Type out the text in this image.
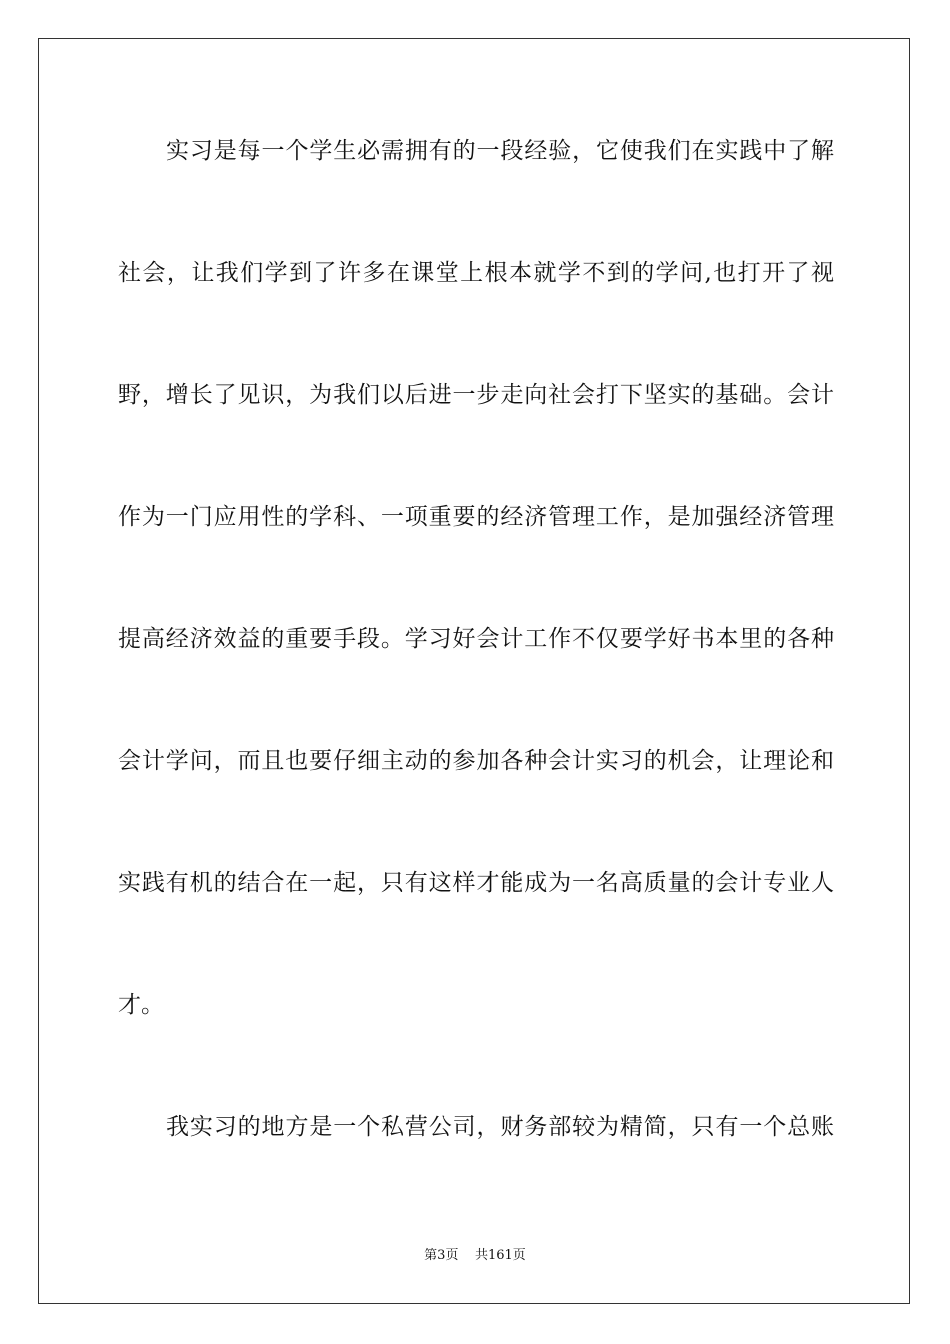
实习是每一个学生必需拥有的一段经验，它使我们在实践中了解
社会，让我们学到了许多在课堂上根本就学不到的学问,也打开了视
野，增长了见识，为我们以后进一步走向社会打下坚实的基础。会计
作为一门应用性的学科、一项重要的经济管理工作，是加强经济管理
提高经济效益的重要手段。学习好会计工作不仅要学好书本里的各种
会计学问，而且也要仔细主动的参加各种会计实习的机会，让理论和
实践有机的结合在一起，只有这样才能成为一名高质量的会计专业人
才。
我实习的地方是一个私营公司，财务部较为精简，只有一个总账
第3页 共161页
